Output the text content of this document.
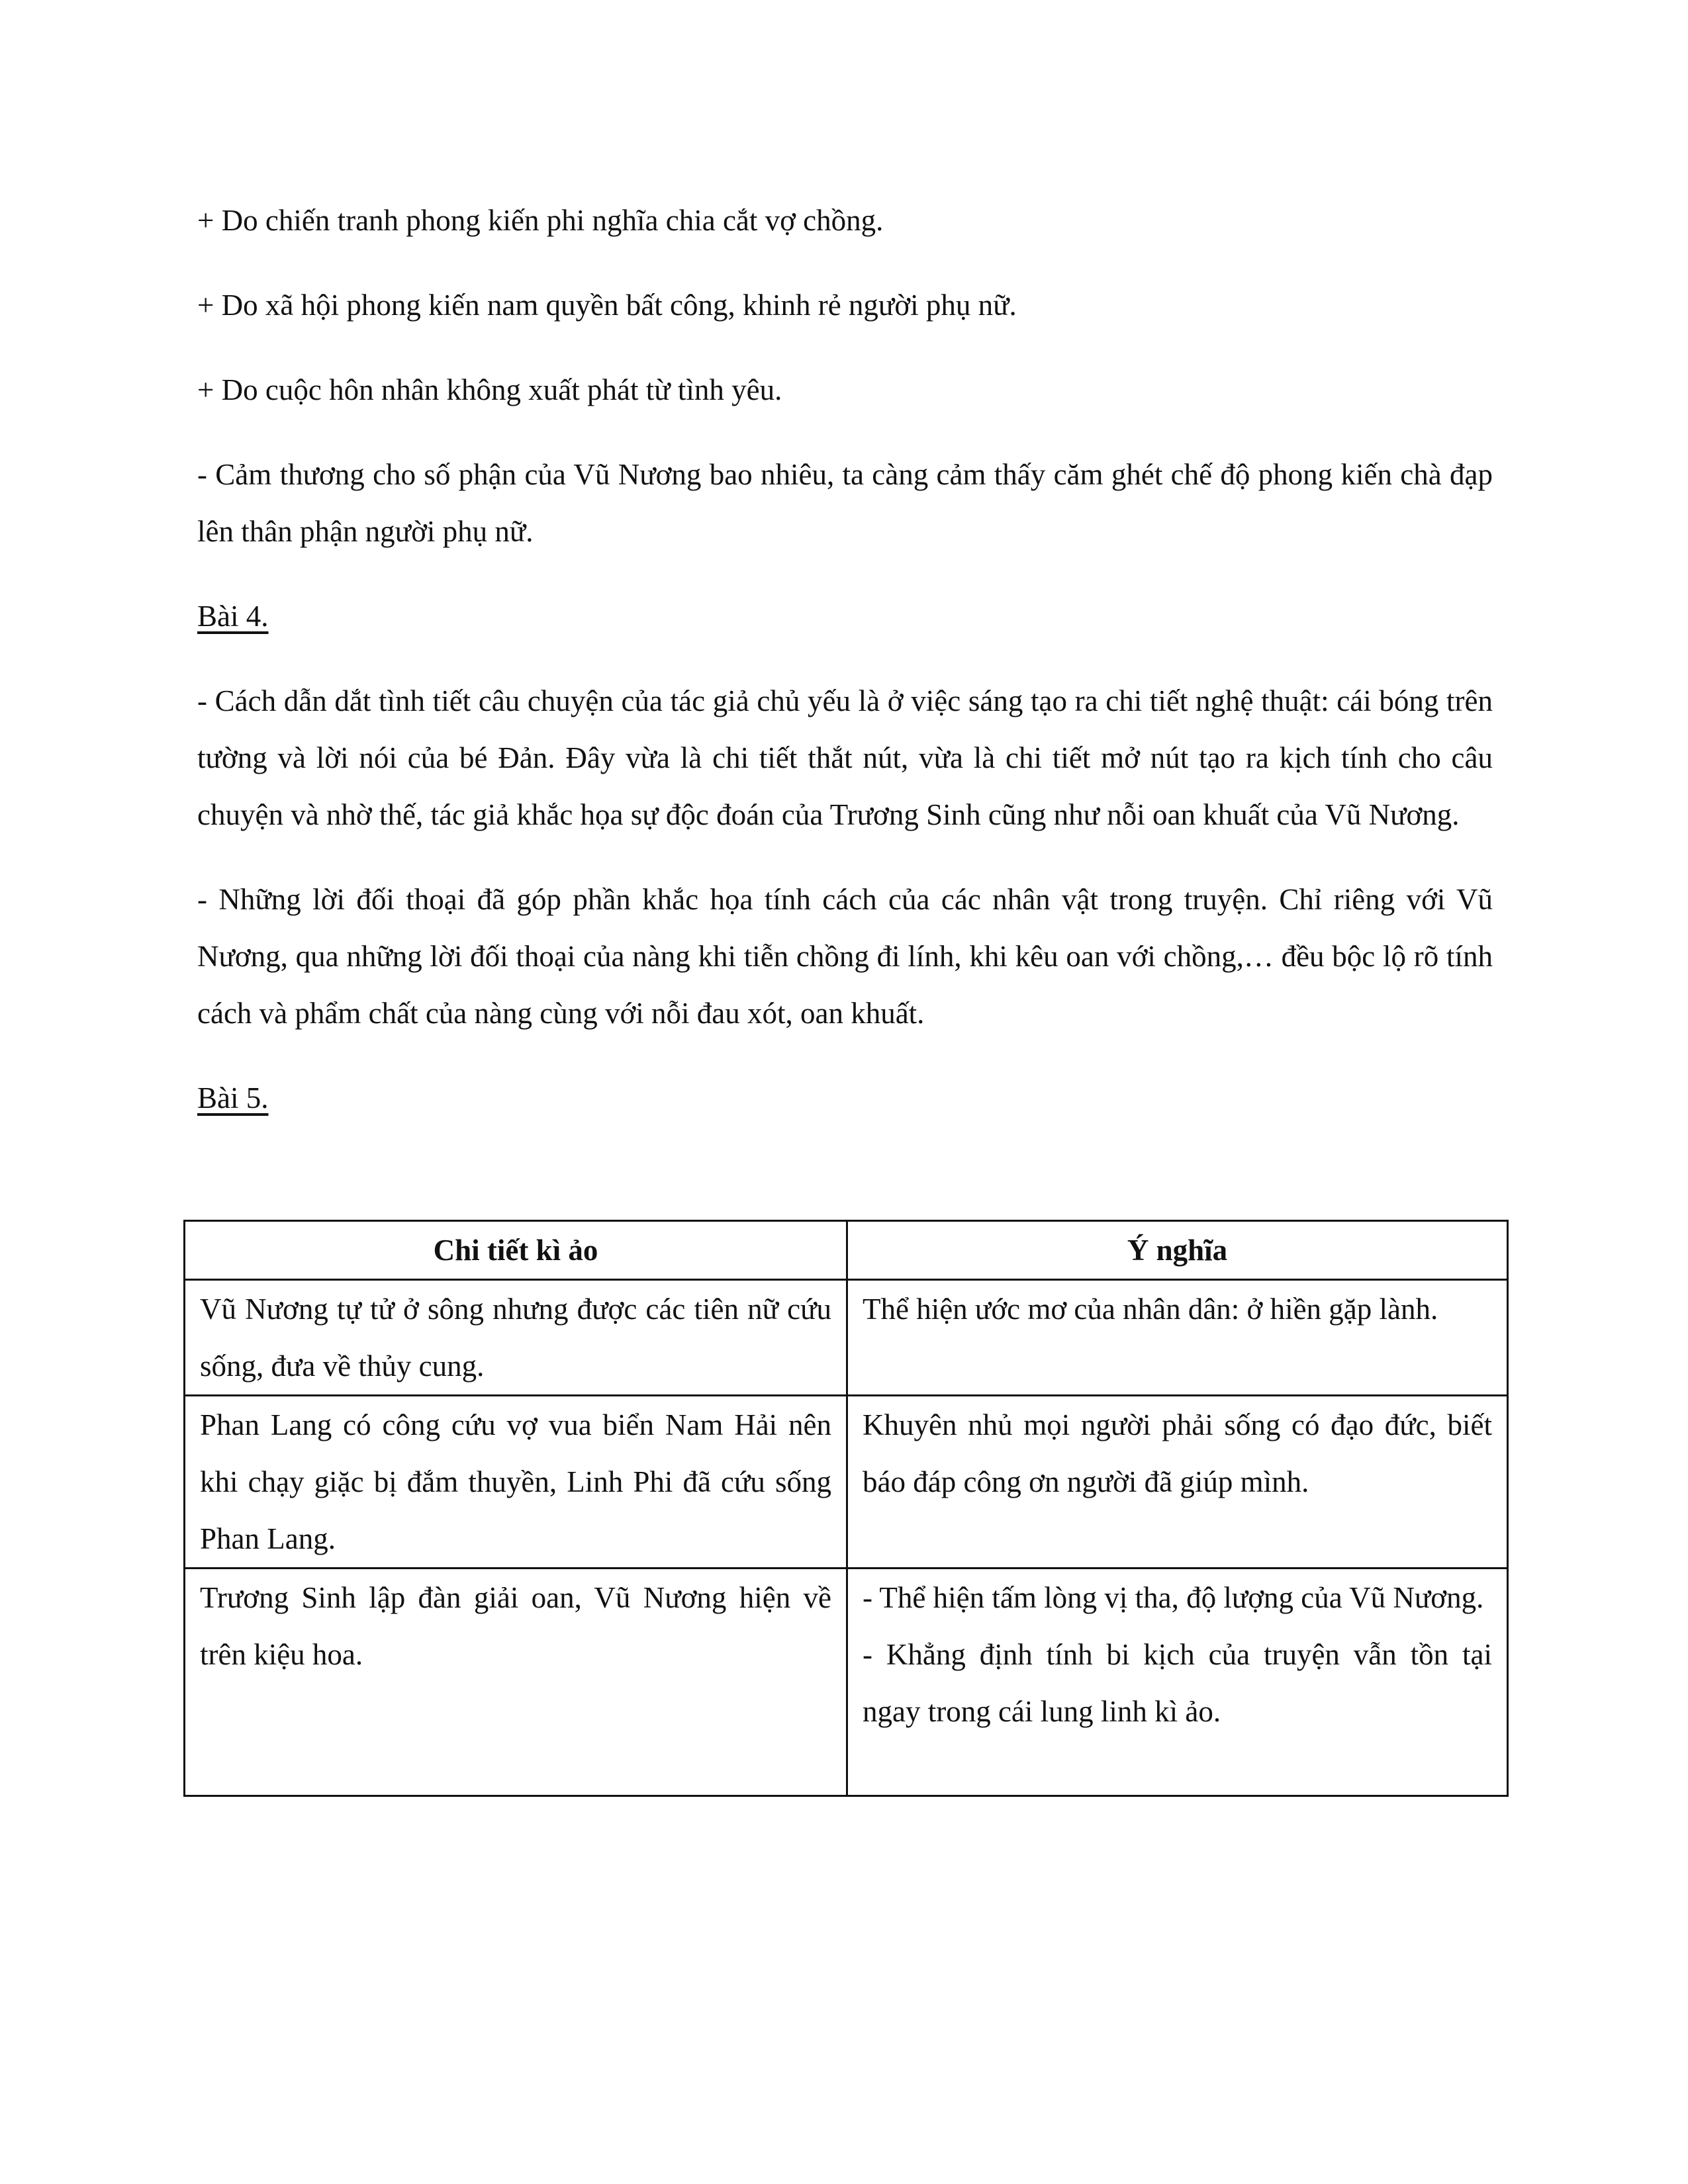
+ Do chiến tranh phong kiến phi nghĩa chia cắt vợ chồng.

+ Do xã hội phong kiến nam quyền bất công, khinh rẻ người phụ nữ.

+ Do cuộc hôn nhân không xuất phát từ tình yêu.

- Cảm thương cho số phận của Vũ Nương bao nhiêu, ta càng cảm thấy căm ghét chế độ phong kiến chà đạp lên thân phận người phụ nữ.

Bài 4.

- Cách dẫn dắt tình tiết câu chuyện của tác giả chủ yếu là ở việc sáng tạo ra chi tiết nghệ thuật: cái bóng trên tường và lời nói của bé Đản. Đây vừa là chi tiết thắt nút, vừa là chi tiết mở nút tạo ra kịch tính cho câu chuyện và nhờ thế, tác giả khắc họa sự độc đoán của Trương Sinh cũng như nỗi oan khuất của Vũ Nương.

- Những lời đối thoại đã góp phần khắc họa tính cách của các nhân vật trong truyện. Chỉ riêng với Vũ Nương, qua những lời đối thoại của nàng khi tiễn chồng đi lính, khi kêu oan với chồng,… đều bộc lộ rõ tính cách và phẩm chất của nàng cùng với nỗi đau xót, oan khuất.

Bài 5.
Chi tiết kì ảo	Ý nghĩa
Vũ Nương tự tử ở sông nhưng được các tiên nữ cứu sống, đưa về thủy cung.	Thể hiện ước mơ của nhân dân: ở hiền gặp lành.
Phan Lang có công cứu vợ vua biển Nam Hải nên khi chạy giặc bị đắm thuyền, Linh Phi đã cứu sống Phan Lang.	Khuyên nhủ mọi người phải sống có đạo đức, biết báo đáp công ơn người đã giúp mình.
Trương Sinh lập đàn giải oan, Vũ Nương hiện về trên kiệu hoa.	- Thể hiện tấm lòng vị tha, độ lượng của Vũ Nương.
- Khẳng định tính bi kịch của truyện vẫn tồn tại ngay trong cái lung linh kì ảo.
